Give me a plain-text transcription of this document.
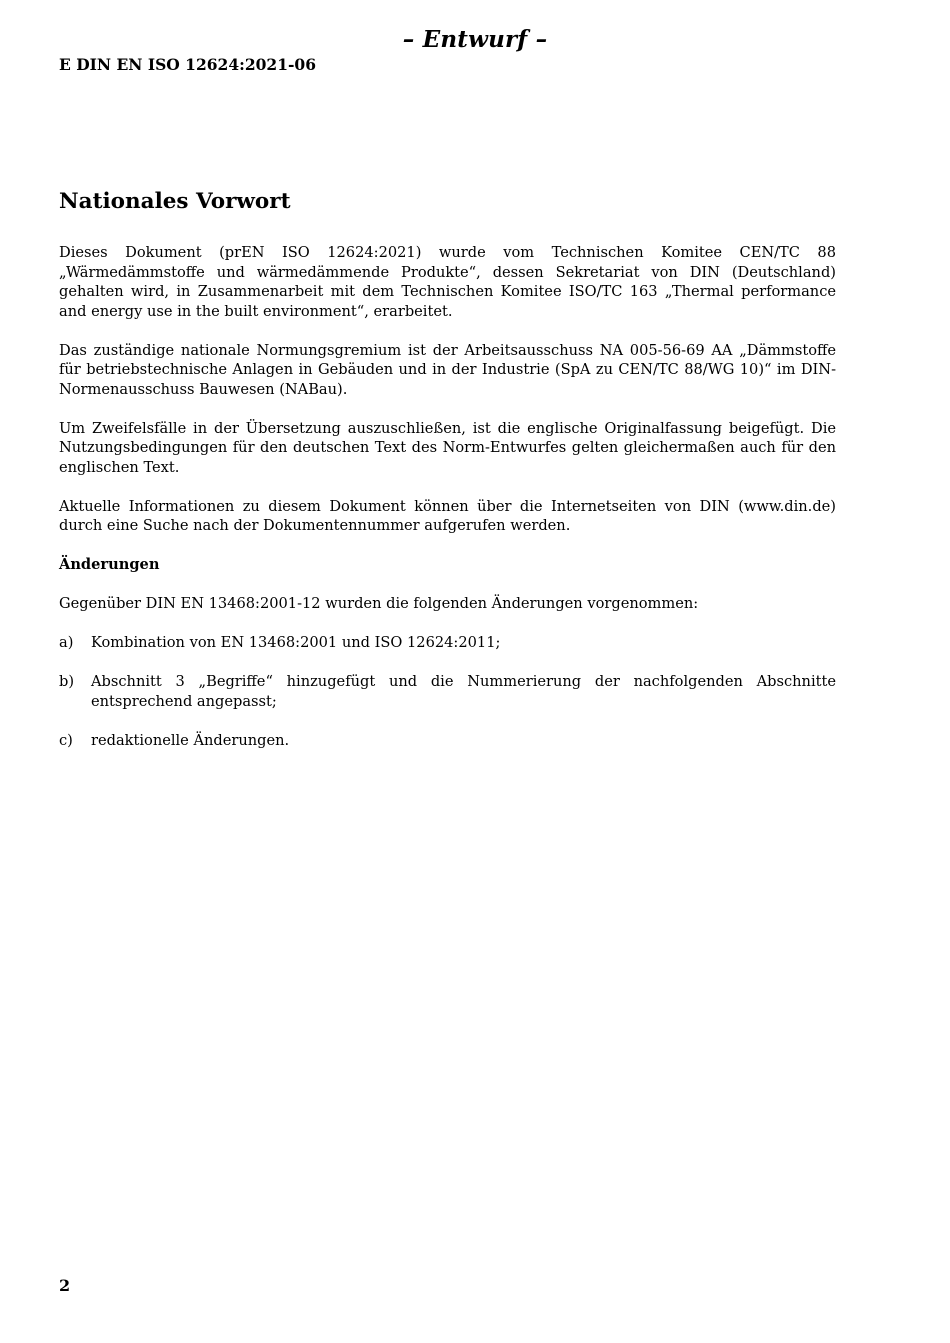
– Entwurf –
E DIN EN ISO 12624:2021-06
Nationales Vorwort

Dieses Dokument (prEN ISO 12624:2021) wurde vom Technischen Komitee CEN/TC 88 „Wärmedämmstoffe und wärmedämmende Produkte“, dessen Sekretariat von DIN (Deutschland) gehalten wird, in Zusammenarbeit mit dem Technischen Komitee ISO/TC 163 „Thermal performance and energy use in the built environment“, erarbeitet.

Das zuständige nationale Normungsgremium ist der Arbeitsausschuss NA 005-56-69 AA „Dämmstoffe für betriebstechnische Anlagen in Gebäuden und in der Industrie (SpA zu CEN/TC 88/WG 10)“ im DIN-Normenausschuss Bauwesen (NABau).

Um Zweifelsfälle in der Übersetzung auszuschließen, ist die englische Originalfassung beigefügt. Die Nutzungsbedingungen für den deutschen Text des Norm-Entwurfes gelten gleichermaßen auch für den englischen Text.

Aktuelle Informationen zu diesem Dokument können über die Internetseiten von DIN (www.din.de) durch eine Suche nach der Dokumentennummer aufgerufen werden.

Änderungen

Gegenüber DIN EN 13468:2001-12 wurden die folgenden Änderungen vorgenommen:

a)	Kombination von EN 13468:2001 und ISO 12624:2011;
b)	Abschnitt 3 „Begriffe“ hinzugefügt und die Nummerierung der nachfolgenden Abschnitte entsprechend angepasst;
c)	redaktionelle Änderungen.
2
